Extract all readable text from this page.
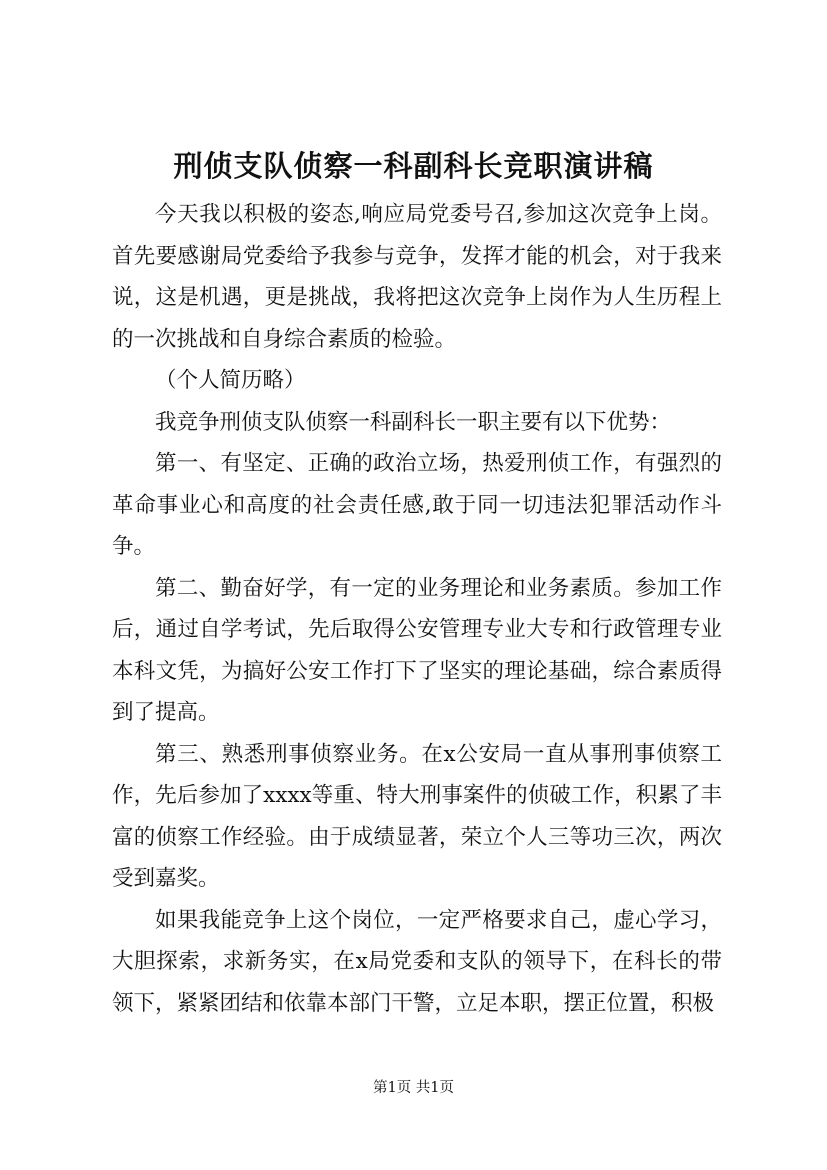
刑侦支队侦察一科副科长竞职演讲稿

今天我以积极的姿态,响应局党委号召,参加这次竞争上岗。首先要感谢局党委给予我参与竞争，发挥才能的机会，对于我来说，这是机遇，更是挑战，我将把这次竞争上岗作为人生历程上的一次挑战和自身综合素质的检验。

（个人简历略）

我竞争刑侦支队侦察一科副科长一职主要有以下优势：

第一、有坚定、正确的政治立场，热爱刑侦工作，有强烈的革命事业心和高度的社会责任感,敢于同一切违法犯罪活动作斗争。

第二、勤奋好学，有一定的业务理论和业务素质。参加工作后，通过自学考试，先后取得公安管理专业大专和行政管理专业本科文凭，为搞好公安工作打下了坚实的理论基础，综合素质得到了提高。

第三、熟悉刑事侦察业务。在x公安局一直从事刑事侦察工作，先后参加了xxxx等重、特大刑事案件的侦破工作，积累了丰富的侦察工作经验。由于成绩显著，荣立个人三等功三次，两次受到嘉奖。

如果我能竞争上这个岗位，一定严格要求自己，虚心学习，大胆探索，求新务实，在x局党委和支队的领导下，在科长的带领下，紧紧团结和依靠本部门干警，立足本职，摆正位置，积极

第1页 共1页
